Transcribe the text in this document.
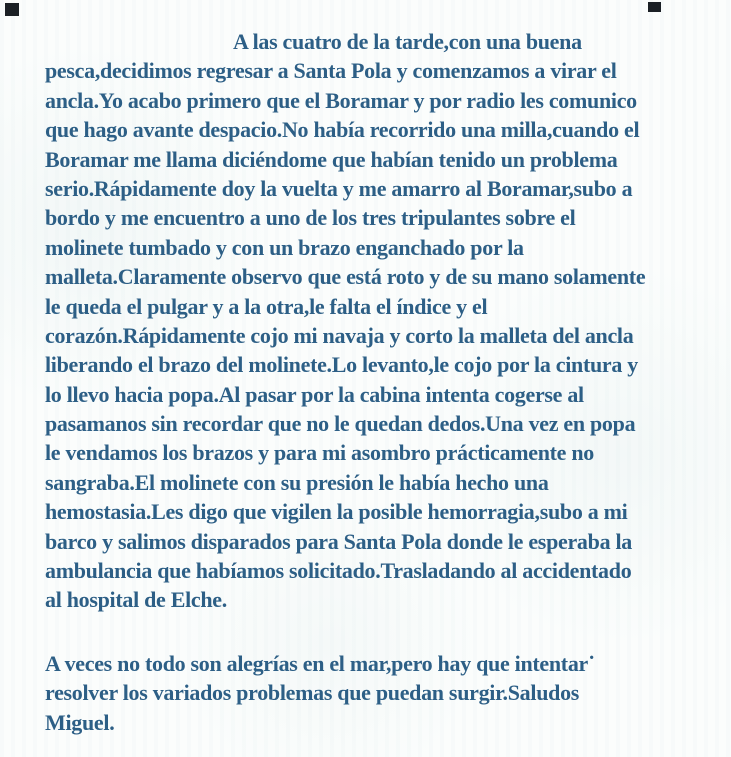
A las cuatro de la tarde,con una buena
pesca,decidimos regresar a Santa Pola y comenzamos a virar el
ancla.Yo acabo primero que el Boramar y por radio les comunico
que hago avante despacio.No había recorrido una milla,cuando el
Boramar me llama diciéndome que habían tenido un problema
serio.Rápidamente doy la vuelta y me amarro al Boramar,subo a
bordo y me encuentro a uno de los tres tripulantes sobre el
molinete tumbado y con un brazo enganchado por la
malleta.Claramente observo que está roto y de su mano solamente
le queda el pulgar y a la otra,le falta el índice y el
corazón.Rápidamente cojo mi navaja y corto la malleta del ancla
liberando el brazo del molinete.Lo levanto,le cojo por la cintura y
lo llevo hacia popa.Al pasar por la cabina intenta cogerse al
pasamanos sin recordar que no le quedan dedos.Una vez en popa
le vendamos los brazos y para mi asombro prácticamente no
sangraba.El molinete con su presión le había hecho una
hemostasia.Les digo que vigilen la posible hemorragia,subo a mi
barco y salimos disparados para Santa Pola donde le esperaba la
ambulancia que habíamos solicitado.Trasladando al accidentado
al hospital de Elche.
A veces no todo son alegrías en el mar,pero hay que intentar˙
resolver los variados problemas que puedan surgir.Saludos
Miguel.
